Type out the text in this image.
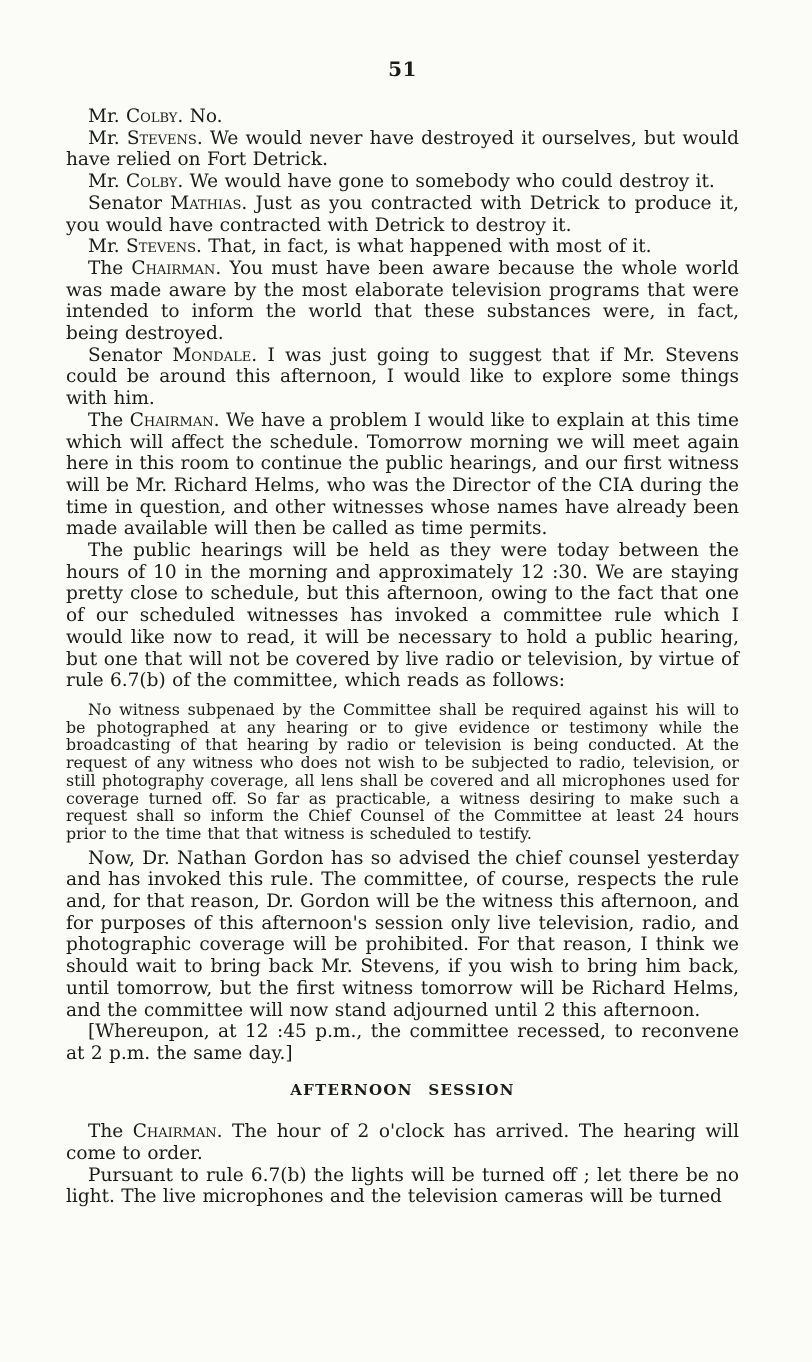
51

Mr. Colby. No.

Mr. Stevens. We would never have destroyed it ourselves, but would have relied on Fort Detrick.

Mr. Colby. We would have gone to somebody who could destroy it.

Senator Mathias. Just as you contracted with Detrick to produce it, you would have contracted with Detrick to destroy it.

Mr. Stevens. That, in fact, is what happened with most of it.

The Chairman. You must have been aware because the whole world was made aware by the most elaborate television programs that were intended to inform the world that these substances were, in fact, being destroyed.

Senator Mondale. I was just going to suggest that if Mr. Stevens could be around this afternoon, I would like to explore some things with him.

The Chairman. We have a problem I would like to explain at this time which will affect the schedule. Tomorrow morning we will meet again here in this room to continue the public hearings, and our first witness will be Mr. Richard Helms, who was the Director of the CIA during the time in question, and other witnesses whose names have already been made available will then be called as time permits.

The public hearings will be held as they were today between the hours of 10 in the morning and approximately 12 :30. We are staying pretty close to schedule, but this afternoon, owing to the fact that one of our scheduled witnesses has invoked a committee rule which I would like now to read, it will be necessary to hold a public hearing, but one that will not be covered by live radio or television, by virtue of rule 6.7(b) of the committee, which reads as follows:

No witness subpenaed by the Committee shall be required against his will to be photographed at any hearing or to give evidence or testimony while the broadcasting of that hearing by radio or television is being conducted. At the request of any witness who does not wish to be subjected to radio, television, or still photography coverage, all lens shall be covered and all microphones used for coverage turned off. So far as practicable, a witness desiring to make such a request shall so inform the Chief Counsel of the Committee at least 24 hours prior to the time that that witness is scheduled to testify.

Now, Dr. Nathan Gordon has so advised the chief counsel yesterday and has invoked this rule. The committee, of course, respects the rule and, for that reason, Dr. Gordon will be the witness this afternoon, and for purposes of this afternoon's session only live television, radio, and photographic coverage will be prohibited. For that reason, I think we should wait to bring back Mr. Stevens, if you wish to bring him back, until tomorrow, but the first witness tomorrow will be Richard Helms, and the committee will now stand adjourned until 2 this afternoon.

[Whereupon, at 12 :45 p.m., the committee recessed, to reconvene at 2 p.m. the same day.]

AFTERNOON SESSION

The Chairman. The hour of 2 o'clock has arrived. The hearing will come to order.

Pursuant to rule 6.7(b) the lights will be turned off ; let there be no light. The live microphones and the television cameras will be turned
